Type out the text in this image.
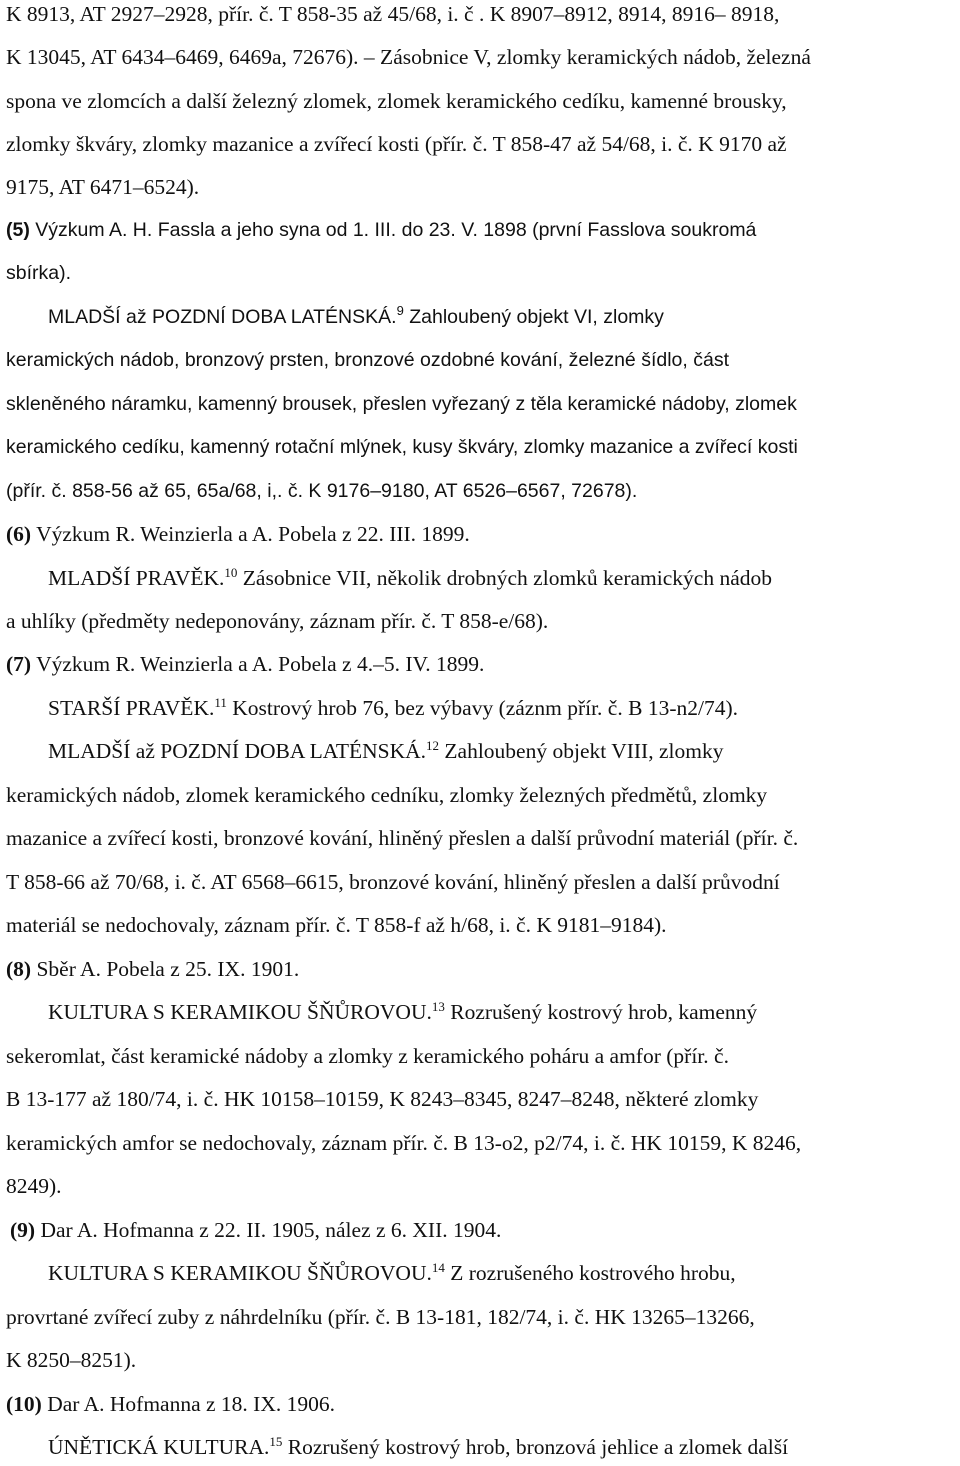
K 8913, AT 2927–2928, přír. č. T 858-35 až 45/68, i. č . K 8907–8912, 8914, 8916– 8918,
K 13045, AT 6434–6469, 6469a, 72676). – Zásobnice V, zlomky keramických nádob, železná
spona ve zlomcích a další železný zlomek, zlomek keramického cedíku, kamenné brousky,
zlomky škváry, zlomky mazanice a zvířecí kosti (přír. č. T 858-47 až 54/68, i. č. K 9170 až
9175, AT 6471–6524).
(5) Výzkum A. H. Fassla a jeho syna od 1. III. do 23. V. 1898 (první Fasslova soukromá
sbírka).
MLADŠÍ až POZDNÍ DOBA LATÉNSKÁ.$^9$ Zahloubený objekt VI, zlomky
keramických nádob, bronzový prsten, bronzové ozdobné kování, železné šídlo, část
skleněného náramku, kamenný brousek, přeslen vyřezaný z těla keramické nádoby, zlomek
keramického cedíku, kamenný rotační mlýnek, kusy škváry, zlomky mazanice a zvířecí kosti
(přír. č. 858-56 až 65, 65a/68, i,. č. K 9176–9180, AT 6526–6567, 72678).
(6) Výzkum R. Weinzierla a A. Pobela z 22. III. 1899.
MLADŠÍ PRAVĚK.$^{10}$ Zásobnice VII, několik drobných zlomků keramických nádob
a uhlíky (předměty nedeponovány, záznam přír. č. T 858-e/68).
(7) Výzkum R. Weinzierla a A. Pobela z 4.–5. IV. 1899.
STARŠÍ PRAVĚK.$^{11}$ Kostrový hrob 76, bez výbavy (záznm přír. č. B 13-n2/74).
MLADŠÍ až POZDNÍ DOBA LATÉNSKÁ.$^{12}$ Zahloubený objekt VIII, zlomky
keramických nádob, zlomek keramického cedníku, zlomky železných předmětů, zlomky
mazanice a zvířecí kosti, bronzové kování, hliněný přeslen a další průvodní materiál (přír. č.
T 858-66 až 70/68, i. č. AT 6568–6615, bronzové kování, hliněný přeslen a další průvodní
materiál se nedochovaly, záznam přír. č. T 858-f až h/68, i. č. K 9181–9184).
(8) Sběr A. Pobela z 25. IX. 1901.
KULTURA S KERAMIKOU ŠŇŮROVOU.$^{13}$ Rozrušený kostrový hrob, kamenný
sekeromlat, část keramické nádoby a zlomky z keramického poháru a amfor (přír. č.
B 13-177 až 180/74, i. č. HK 10158–10159, K 8243–8345, 8247–8248, některé zlomky
keramických amfor se nedochovaly, záznam přír. č. B 13-o2, p2/74, i. č. HK 10159, K 8246,
8249).
(9) Dar A. Hofmanna z 22. II. 1905, nález z 6. XII. 1904.
KULTURA S KERAMIKOU ŠŇŮROVOU.$^{14}$ Z rozrušeného kostrového hrobu,
provrtané zvířecí zuby z náhrdelníku (přír. č. B 13-181, 182/74, i. č. HK 13265–13266,
K 8250–8251).
(10) Dar A. Hofmanna z 18. IX. 1906.
ÚNĚTICKÁ KULTURA.$^{15}$ Rozrušený kostrový hrob, bronzová jehlice a zlomek další
